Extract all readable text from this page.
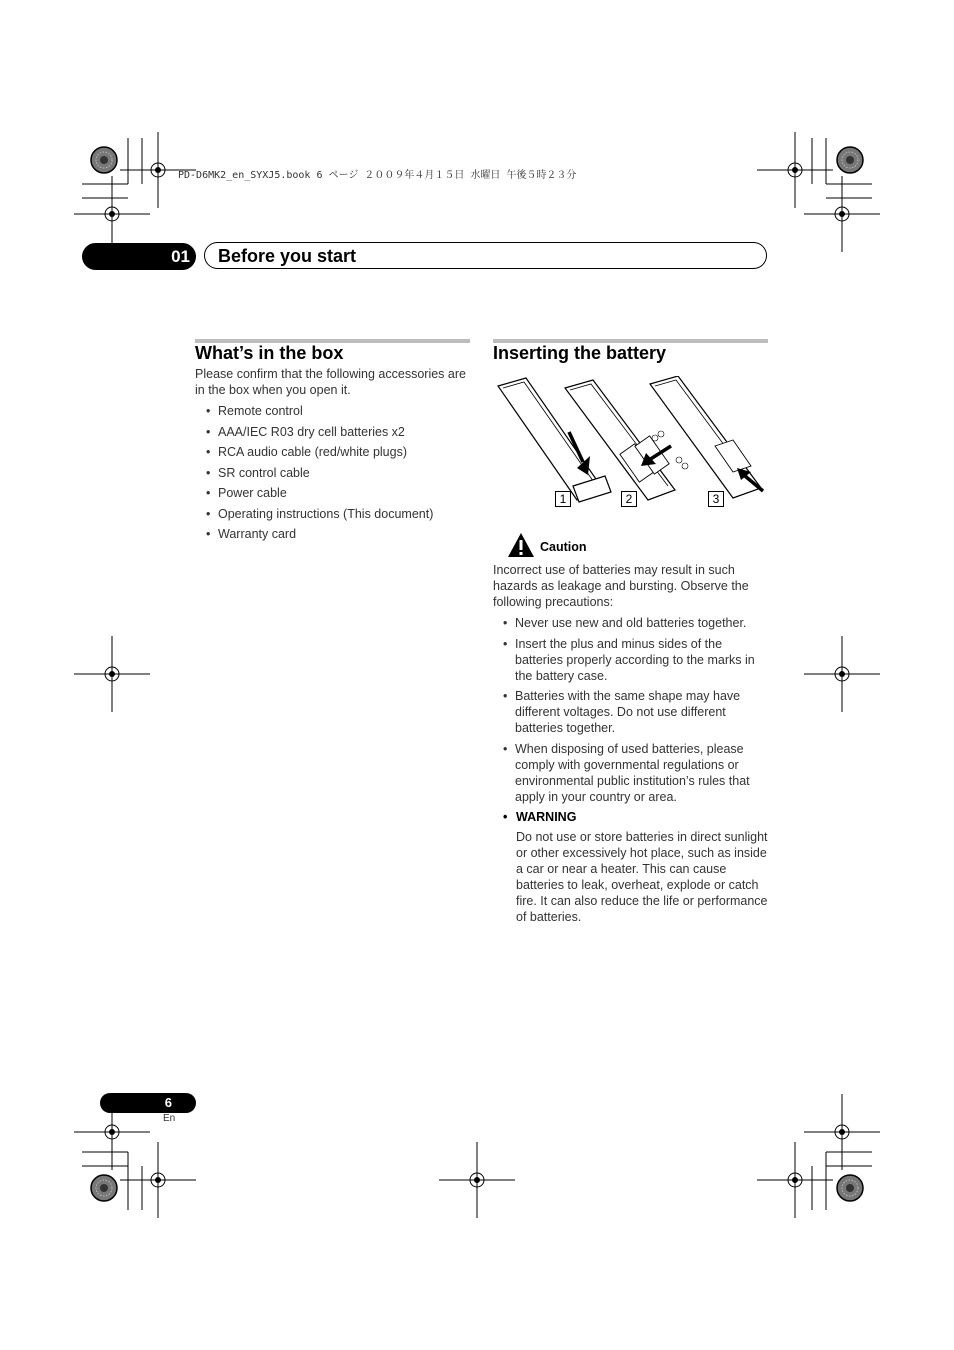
PD-D6MK2_en_SYXJ5.book 6 ページ ２００９年４月１５日 水曜日 午後５時２３分
01 Before you start
What’s in the box

Please confirm that the following accessories are in the box when you open it.

• Remote control
• AAA/IEC R03 dry cell batteries x2
• RCA audio cable (red/white plugs)
• SR control cable
• Power cable
• Operating instructions (This document)
• Warranty card
Inserting the battery
1	2	3
Caution

Incorrect use of batteries may result in such hazards as leakage and bursting. Observe the following precautions:

• Never use new and old batteries together.
• Insert the plus and minus sides of the batteries properly according to the marks in the battery case.
• Batteries with the same shape may have different voltages. Do not use different batteries together.
• When disposing of used batteries, please comply with governmental regulations or environmental public institution’s rules that apply in your country or area.
• WARNING

Do not use or store batteries in direct sunlight or other excessively hot place, such as inside a car or near a heater. This can cause batteries to leak, overheat, explode or catch fire. It can also reduce the life or performance of batteries.

6
En
